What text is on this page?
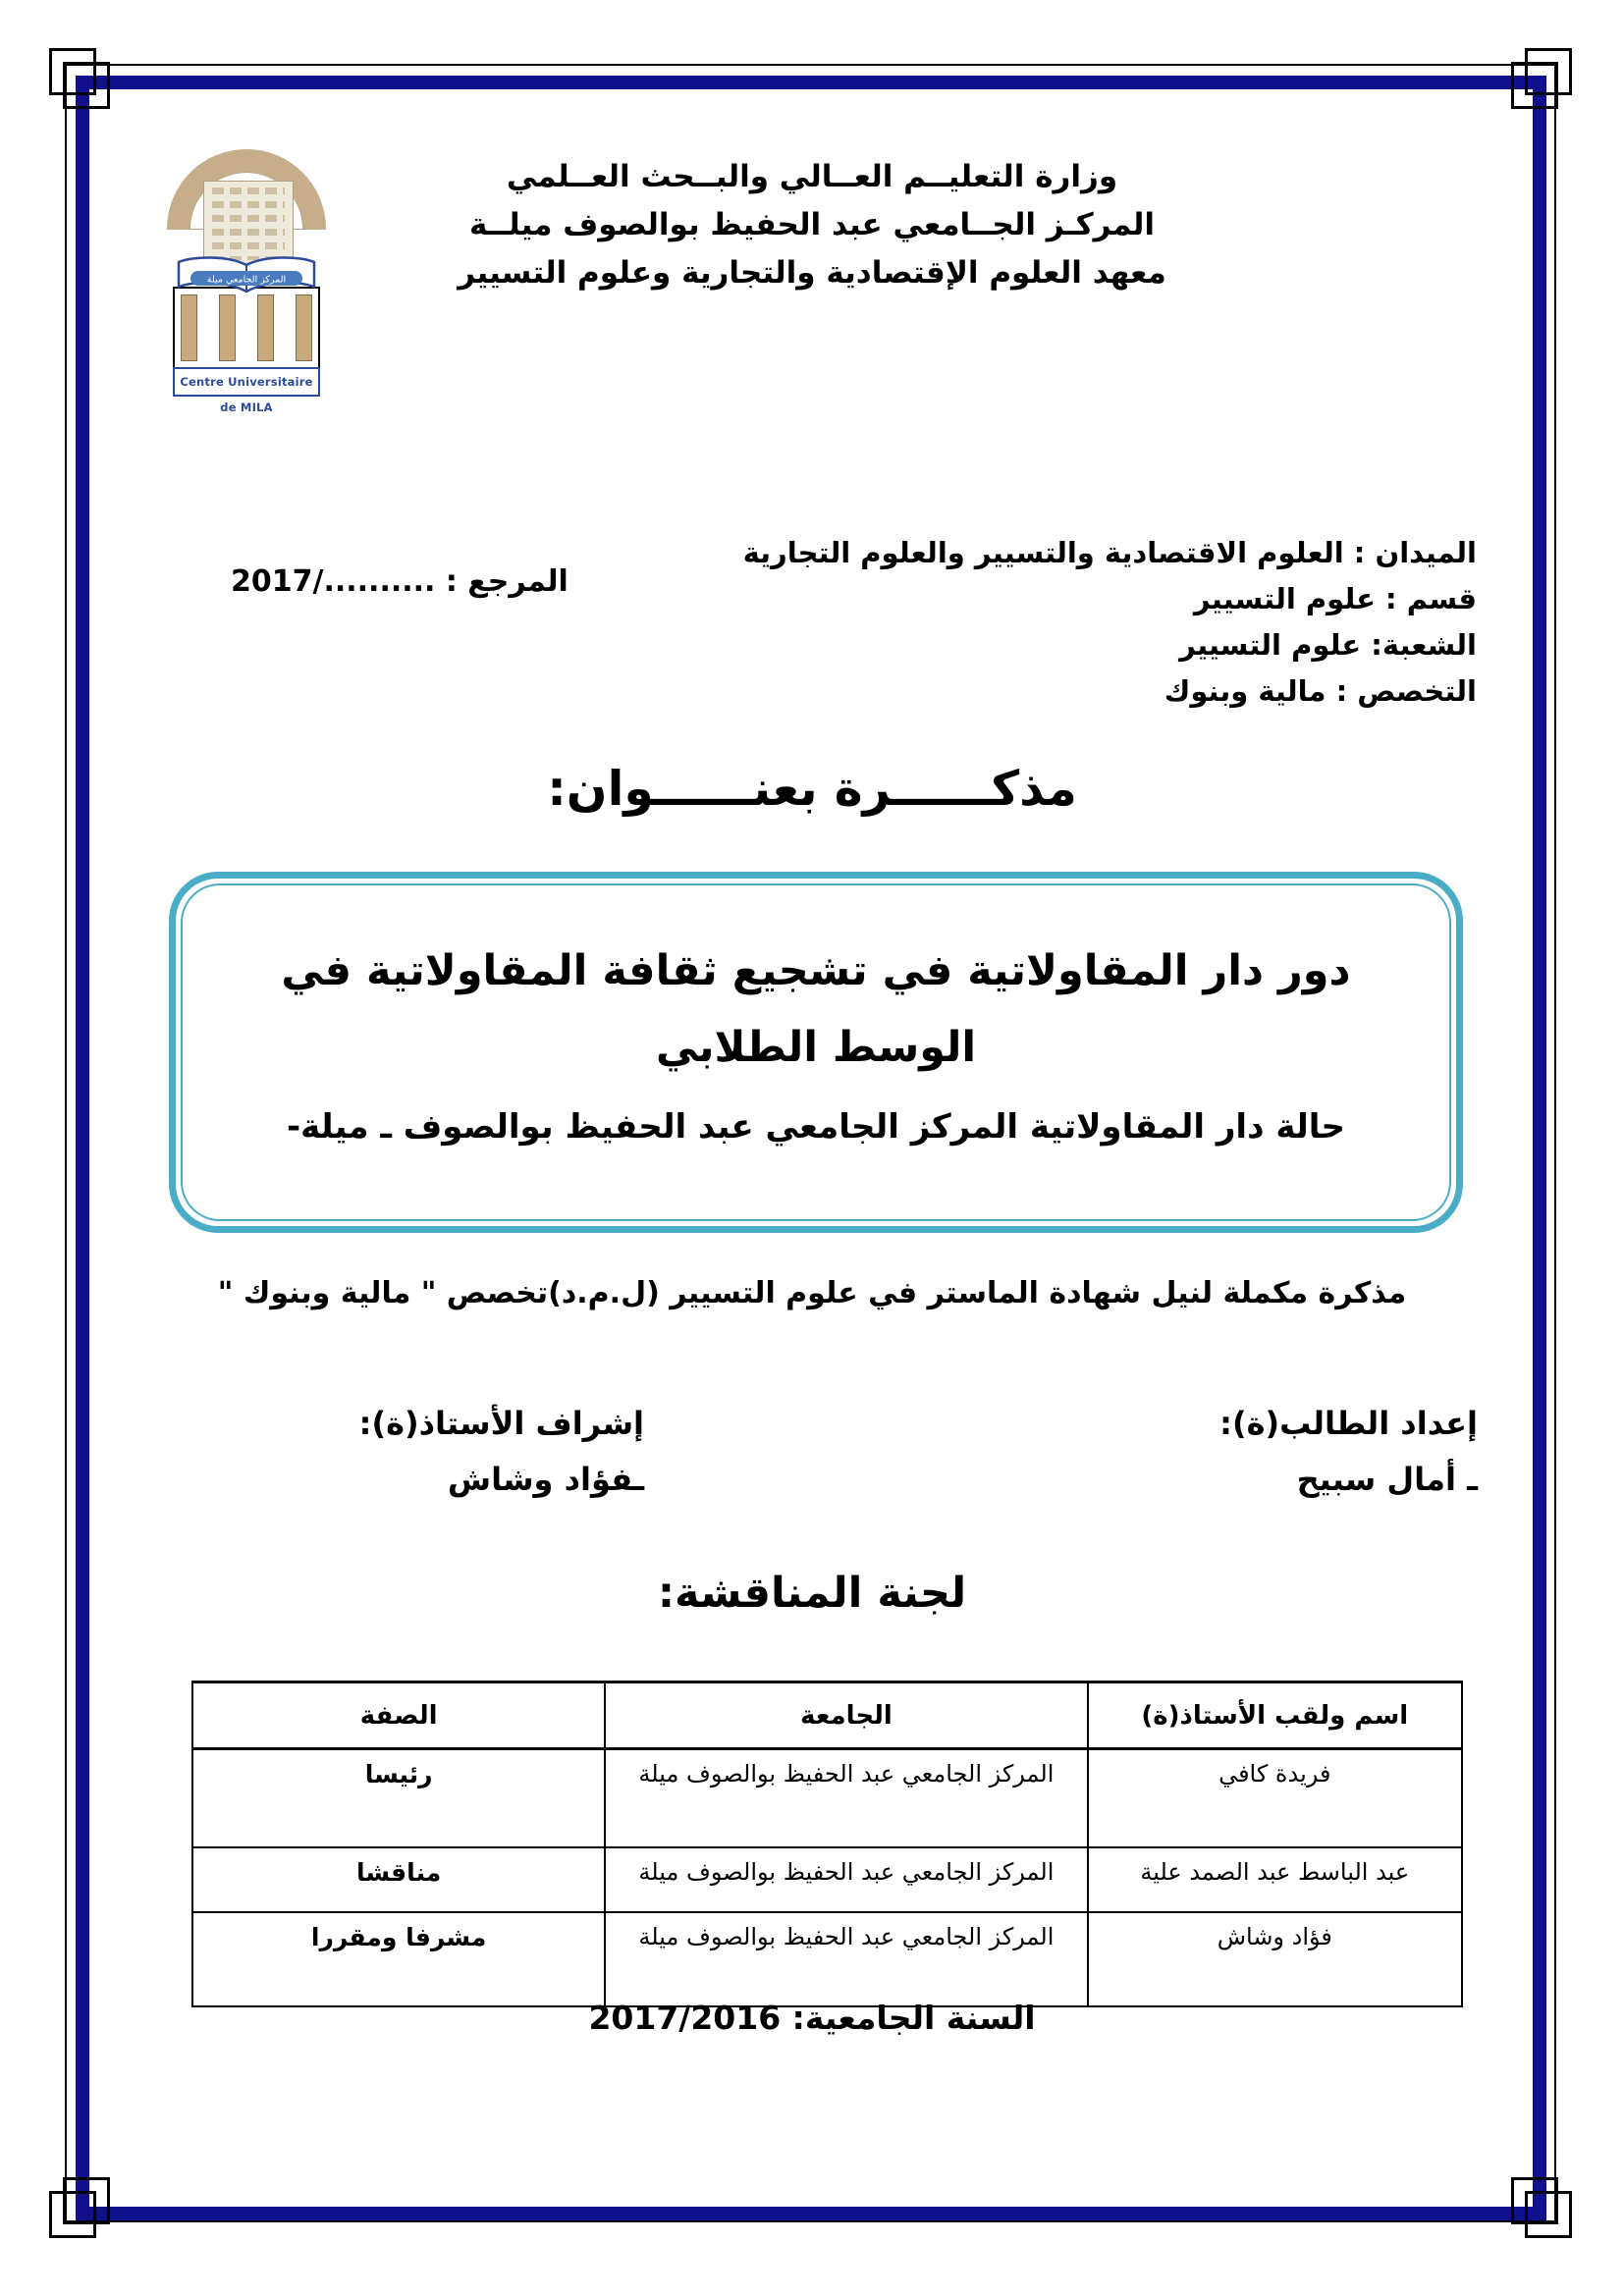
وزارة التعليــم العــالي والبــحث العــلمي
المركـز الجــامعي عبد الحفيظ بوالصوف ميلــة
معهد العلوم الإقتصادية والتجارية وعلوم التسيير
Centre Universitaire de MILA
المركز الجامعي ميلة
الميدان : العلوم الاقتصادية والتسيير والعلوم التجارية
قسم : علوم التسيير
الشعبة: علوم التسيير
التخصص : مالية وبنوك
المرجع : ........../2017
مذكــــــرة بعنــــــوان:
دور دار المقاولاتية في تشجيع ثقافة المقاولاتية في
الوسط الطلابي
حالة دار المقاولاتية المركز الجامعي عبد الحفيظ بوالصوف ـ ميلة-
مذكرة مكملة لنيل شهادة الماستر في علوم التسيير (ل.م.د)تخصص " مالية وبنوك "
إعداد الطالب(ة):
ـ أمال سبيح
إشراف الأستاذ(ة):
ـفؤاد وشاش
لجنة المناقشة:
اسم ولقب الأستاذ(ة)	الجامعة	الصفة
فريدة كافي	المركز الجامعي عبد الحفيظ بوالصوف ميلة	رئيسا
عبد الباسط عبد الصمد علية	المركز الجامعي عبد الحفيظ بوالصوف ميلة	مناقشا
فؤاد وشاش	المركز الجامعي عبد الحفيظ بوالصوف ميلة	مشرفا ومقررا
السنة الجامعية: 2017/2016
